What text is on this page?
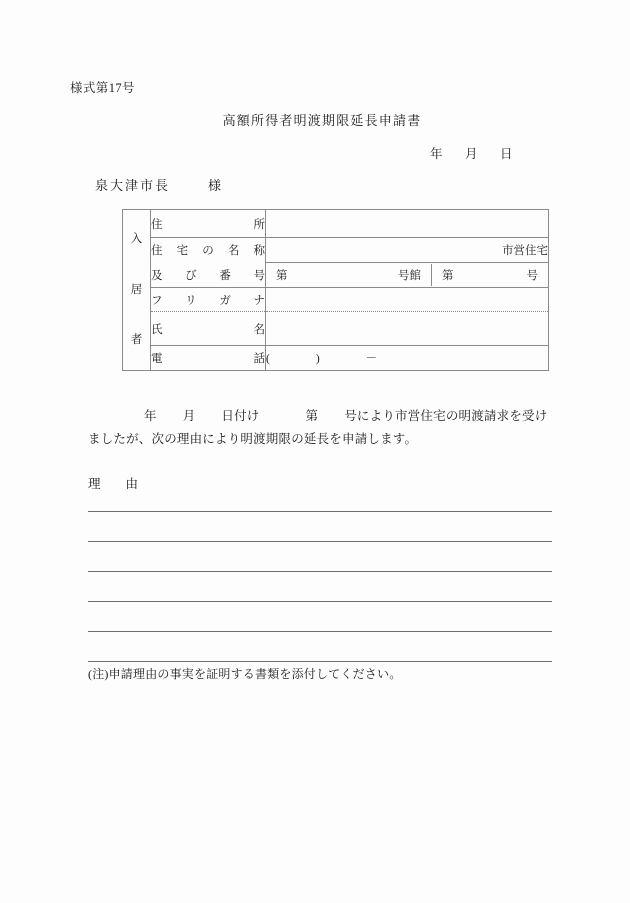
様式第17号
高額所得者明渡期限延長申請書
年 月 日
泉大津市長	様
入
居
者
	住　　　　所	
住 宅 の 名 称	市営住宅
及　び　番　号	第	号館	第	号

フ　リ　ガ　ナ	
氏　　　　名	
電　　　　話	(　　　　)　　　　－
年 月 日付け	第 号により市営住宅の明渡請求を受けましたが、次の理由により明渡期限の延長を申請します。
理　　由
(注)申請理由の事実を証明する書類を添付してください。
